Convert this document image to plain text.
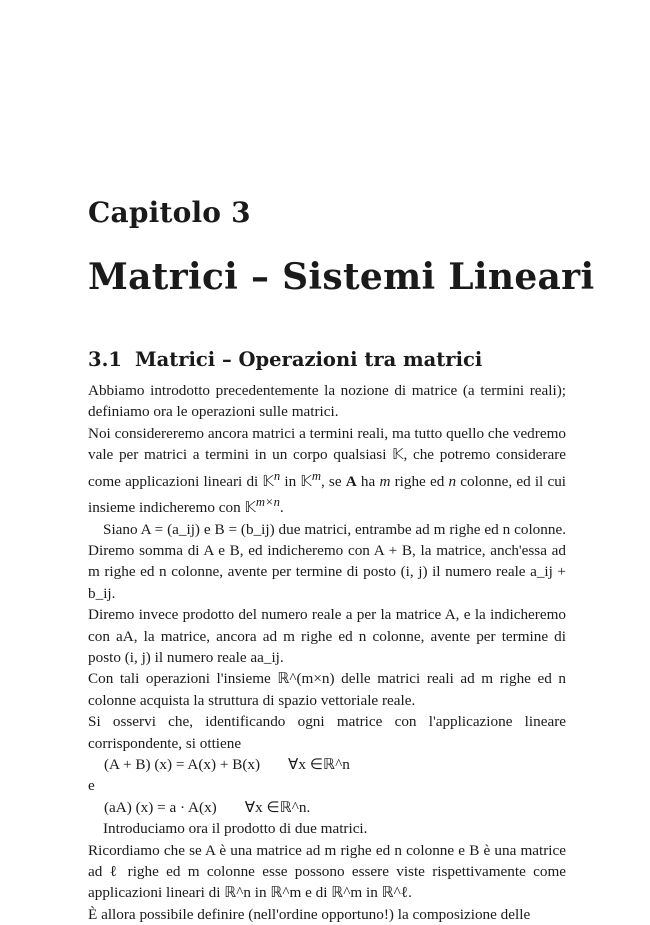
Capitolo 3
Matrici – Sistemi Lineari
3.1 Matrici – Operazioni tra matrici

Abbiamo introdotto precedentemente la nozione di matrice (a termini reali); definiamo ora le operazioni sulle matrici.

Noi considereremo ancora matrici a termini reali, ma tutto quello che vedremo vale per matrici a termini in un corpo qualsiasi 𝕂, che potremo considerare come applicazioni lineari di 𝕂$^n$ in 𝕂$^m$, se A ha m righe ed n colonne, ed il cui insieme indicheremo con 𝕂$^{m\times n}$.

Siano A = (a_ij) e B = (b_ij) due matrici, entrambe ad m righe ed n colonne. Diremo somma di A e B, ed indicheremo con A + B, la matrice, anch'essa ad m righe ed n colonne, avente per termine di posto (i, j) il numero reale a_ij + b_ij.

Diremo invece prodotto del numero reale a per la matrice A, e la indicheremo con aA, la matrice, ancora ad m righe ed n colonne, avente per termine di posto (i, j) il numero reale aa_ij.

Con tali operazioni l'insieme ℝ^(m×n) delle matrici reali ad m righe ed n colonne acquista la struttura di spazio vettoriale reale.

Si osservi che, identificando ogni matrice con l'applicazione lineare corrispondente, si ottiene

(A + B) (x) = A(x) + B(x) ∀x ∈ℝ^n

e

(aA) (x) = a · A(x) ∀x ∈ℝ^n.

Introduciamo ora il prodotto di due matrici.

Ricordiamo che se A è una matrice ad m righe ed n colonne e B è una matrice ad ℓ righe ed m colonne esse possono essere viste rispettivamente come applicazioni lineari di ℝ^n in ℝ^m e di ℝ^m in ℝ^ℓ.

È allora possibile definire (nell'ordine opportuno!) la composizione delle
